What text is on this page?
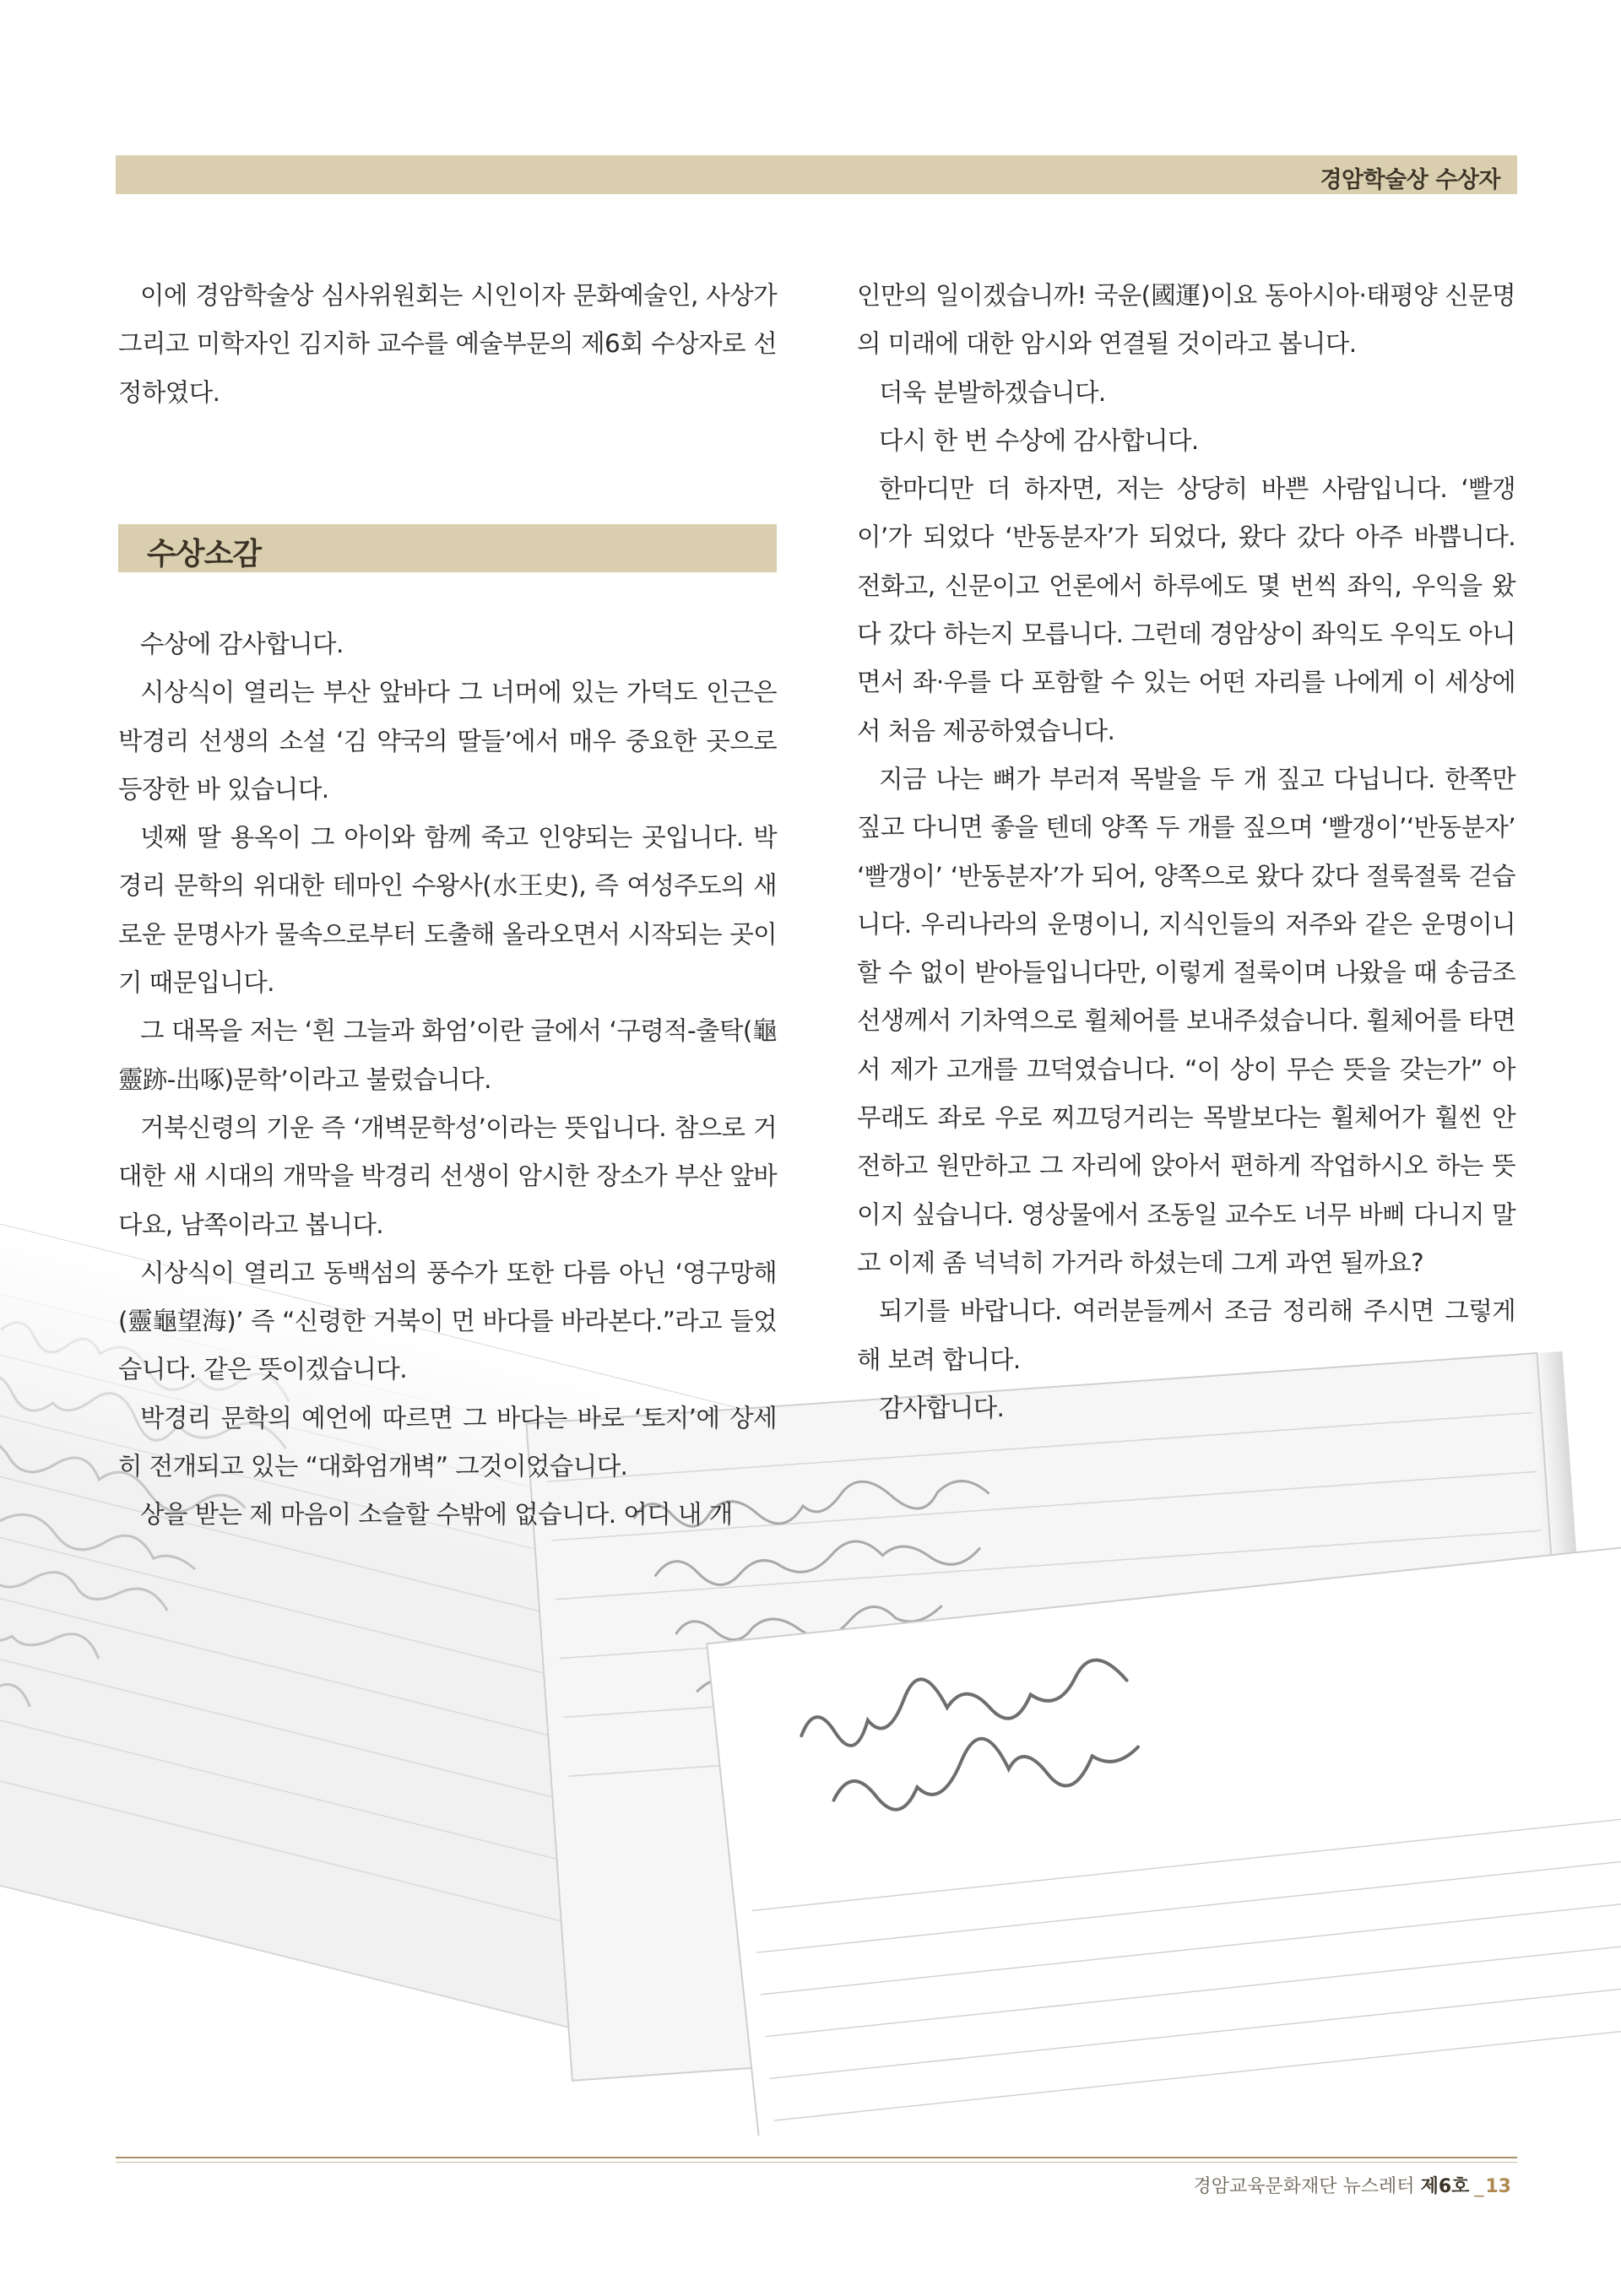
경암학술상 수상자

이에 경암학술상 심사위원회는 시인이자 문화예술인, 사상가 그리고 미학자인 김지하 교수를 예술부문의 제6회 수상자로 선정하였다.

수상소감

수상에 감사합니다.

시상식이 열리는 부산 앞바다 그 너머에 있는 가덕도 인근은 박경리 선생의 소설 ‘김 약국의 딸들’에서 매우 중요한 곳으로 등장한 바 있습니다.

넷째 딸 용옥이 그 아이와 함께 죽고 인양되는 곳입니다. 박경리 문학의 위대한 테마인 수왕사(水王史), 즉 여성주도의 새로운 문명사가 물속으로부터 도출해 올라오면서 시작되는 곳이기 때문입니다.

그 대목을 저는 ‘흰 그늘과 화엄’이란 글에서 ‘구령적-출탁(龜靈跡-出啄)문학’이라고 불렀습니다.

거북신령의 기운 즉 ‘개벽문학성’이라는 뜻입니다. 참으로 거대한 새 시대의 개막을 박경리 선생이 암시한 장소가 부산 앞바다요, 남쪽이라고 봅니다.

시상식이 열리고 동백섬의 풍수가 또한 다름 아닌 ‘영구망해(靈龜望海)’ 즉 “신령한 거북이 먼 바다를 바라본다.”라고 들었습니다. 같은 뜻이겠습니다.

박경리 문학의 예언에 따르면 그 바다는 바로 ‘토지’에 상세히 전개되고 있는 “대화엄개벽” 그것이었습니다.

상을 받는 제 마음이 소슬할 수밖에 없습니다. 어디 내 개

인만의 일이겠습니까! 국운(國運)이요 동아시아·태평양 신문명의 미래에 대한 암시와 연결될 것이라고 봅니다.

더욱 분발하겠습니다.

다시 한 번 수상에 감사합니다.

한마디만 더 하자면, 저는 상당히 바쁜 사람입니다. ‘빨갱이’가 되었다 ‘반동분자’가 되었다, 왔다 갔다 아주 바쁩니다. 전화고, 신문이고 언론에서 하루에도 몇 번씩 좌익, 우익을 왔다 갔다 하는지 모릅니다. 그런데 경암상이 좌익도 우익도 아니면서 좌·우를 다 포함할 수 있는 어떤 자리를 나에게 이 세상에서 처음 제공하였습니다.

지금 나는 뼈가 부러져 목발을 두 개 짚고 다닙니다. 한쪽만 짚고 다니면 좋을 텐데 양쪽 두 개를 짚으며 ‘빨갱이’‘반동분자’ ‘빨갱이’ ‘반동분자’가 되어, 양쪽으로 왔다 갔다 절룩절룩 걷습니다. 우리나라의 운명이니, 지식인들의 저주와 같은 운명이니 할 수 없이 받아들입니다만, 이렇게 절룩이며 나왔을 때 송금조 선생께서 기차역으로 휠체어를 보내주셨습니다. 휠체어를 타면서 제가 고개를 끄덕였습니다. “이 상이 무슨 뜻을 갖는가” 아무래도 좌로 우로 찌끄덩거리는 목발보다는 휠체어가 훨씬 안전하고 원만하고 그 자리에 앉아서 편하게 작업하시오 하는 뜻이지 싶습니다. 영상물에서 조동일 교수도 너무 바삐 다니지 말고 이제 좀 넉넉히 가거라 하셨는데 그게 과연 될까요?

되기를 바랍니다. 여러분들께서 조금 정리해 주시면 그렇게 해 보려 합니다.

감사합니다.

경암교육문화재단 뉴스레터 제6호 _13
